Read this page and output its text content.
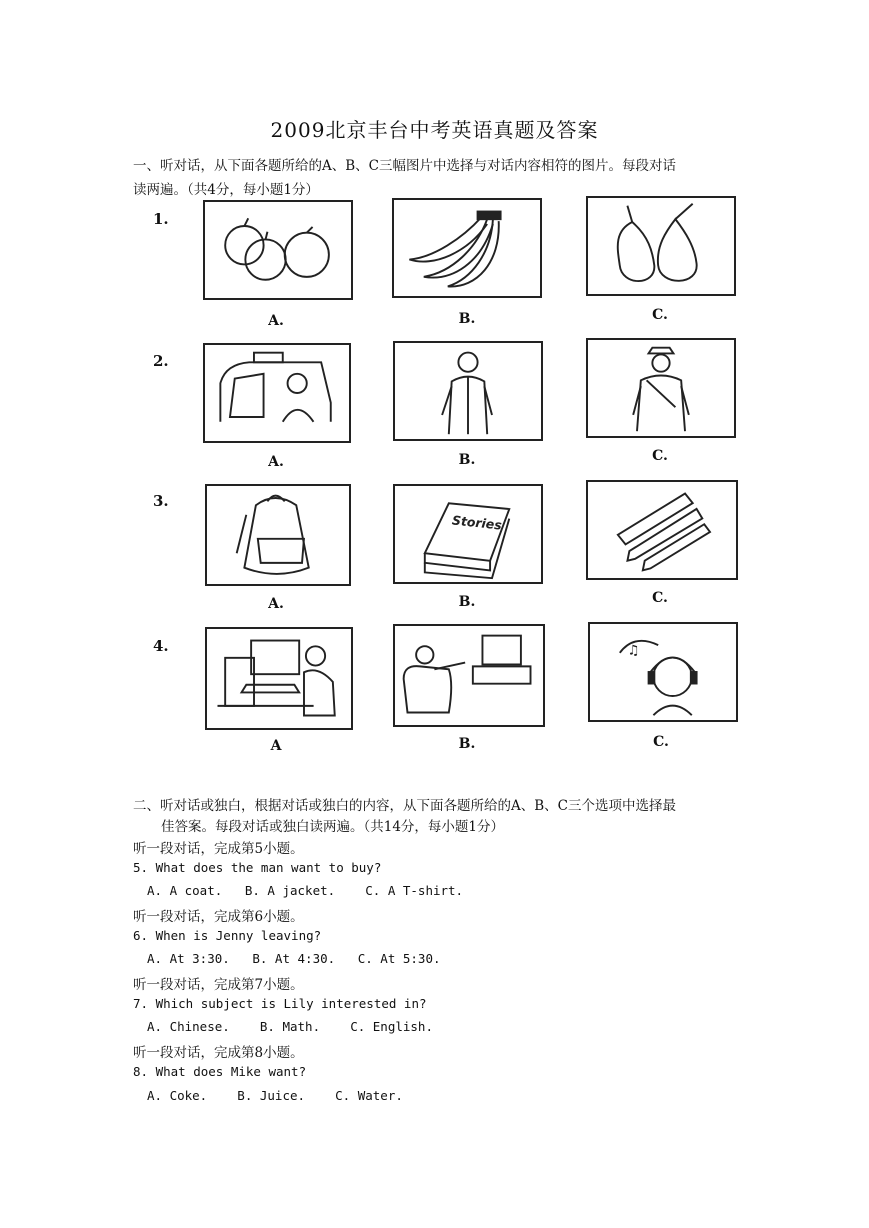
2009北京丰台中考英语真题及答案
一、听对话，从下面各题所给的A、B、C三幅图片中选择与对话内容相符的图片。每段对话
读两遍。（共4分，每小题1分）
1.
A.	B.	C.
2.
A.	B.	C.
3.
Stories
A.	B.	C.
4.	♫
A	B.	C.
二、听对话或独白，根据对话或独白的内容，从下面各题所给的A、B、C三个选项中选择最
佳答案。每段对话或独白读两遍。（共14分，每小题1分）
听一段对话，完成第5小题。
5. What does the man want to buy?
A. A coat.   B. A jacket.    C. A T-shirt.
听一段对话，完成第6小题。
6. When is Jenny leaving?
A. At 3:30.   B. At 4:30.   C. At 5:30.
听一段对话，完成第7小题。
7. Which subject is Lily interested in?
A. Chinese.    B. Math.    C. English.
听一段对话，完成第8小题。
8. What does Mike want?
A. Coke.    B. Juice.    C. Water.
